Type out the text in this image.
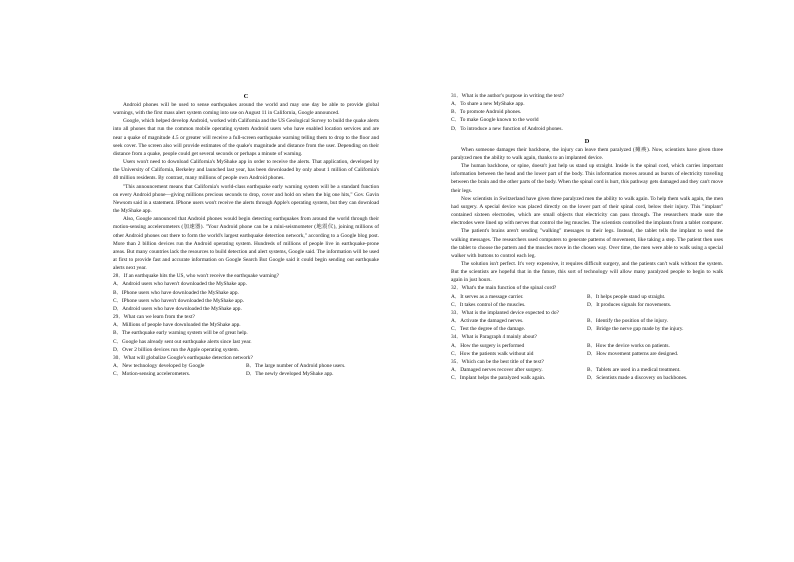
C
Android phones will be used to sense earthquakes around the world and may one day be able to provide global warnings, with the first mass alert system coming into use on August 11 in California, Google announced.
Google, which helped develop Android, worked with California and the US Geological Survey to build the quake alerts into all phones that run the common mobile operating system Android users who have enabled location services and are near a quake of magnitude 4.5 or greater will receive a full-screen earthquake warning telling them to drop to the floor and seek cover. The screen also will provide estimates of the quake's magnitude and distance from the user. Depending on their distance from a quake, people could get several seconds or perhaps a minute of warning.
Users won't need to download California's MyShake app in order to receive the alerts. That application, developed by the University of California, Berkeley and launched last year, has been downloaded by only about 1 million of California's 40 million residents. By contrast, many millions of people own Android phones.
"This announcement means that California's world-class earthquake early warning system will be a standard function on every Android phone—giving millions precious seconds to drop, cover and hold on when the big one hits," Gov. Gavin Newsom said in a statement. IPhone users won't receive the alerts through Apple's operating system, but they can download the MyShake app.
Also, Google announced that Android phones would begin detecting earthquakes from around the world through their motion-sensing accelerometers (加速器). "Your Android phone can be a mini-seismometer (地震仪), joining millions of other Android phones out there to form the world's largest earthquake detection network," according to a Google blog post. More than 2 billion devices run the Android operating system. Hundreds of millions of people live in earthquake-prone areas. But many countries lack the resources to build detection and alert systems, Google said. The information will be used at first to provide fast and accurate information on Google Search But Google said it could begin sending out earthquake alerts next year.
28．If an earthquake hits the US, who won't receive the earthquake warning?
A．Android users who haven't downloaded the MyShake app.
B．IPhone users who have downloaded the MyShake app.
C．IPhone users who haven't downloaded the MyShake app.
D．Android users who have downloaded the MyShake app.
29．What can we learn from the text?
A．Millions of people have downloaded the MyShake app.
B．The earthquake early warning system will be of great help.
C．Google has already sent out earthquake alerts since last year.
D．Over 2 billion devices run the Apple operating system.
30．What will globalize Google's earthquake detection network?
A．New technology developed by Google	B．The large number of Android phone users.
C．Motion-sensing accelerometers.	D．The newly developed MyShake app.
31．What is the author's purpose in writing the text?
A．To share a new MyShake app.
B．To promote Android phones.
C．To make Google known to the world
D．To introduce a new function of Android phones.
D
When someone damages their backbone, the injury can leave them paralyzed (瘫痪). Now, scientists have given three paralyzed men the ability to walk again, thanks to an implanted device.
The human backbone, or spine, doesn't just help us stand up straight. Inside is the spinal cord, which carries important information between the head and the lower part of the body. This information moves around as bursts of electricity traveling between the brain and the other parts of the body. When the spinal cord is hurt, this pathway gets damaged and they can't move their legs.
Now scientists in Switzerland have given three paralyzed men the ability to walk again. To help them walk again, the men had surgery. A special device was placed directly on the lower part of their spinal cord, below their injury. This "implant" contained sixteen electrodes, which are small objects that electricity can pass through. The researchers made sure the electrodes were lined up with nerves that control the leg muscles. The scientists controlled the implants from a tablet computer.
The patient's brains aren't sending "walking" messages to their legs. Instead, the tablet tells the implant to send the walking messages. The researchers used computers to generate patterns of movement, like taking a step. The patient then uses the tablet to choose the pattern and the muscles move in the chosen way. Over time, the men were able to walk using a special walker with buttons to control each leg.
The solution isn't perfect. It's very expensive, it requires difficult surgery, and the patients can't walk without the system. But the scientists are hopeful that in the future, this sort of technology will allow many paralyzed people to begin to walk again in just hours.
32．What's the main function of the spinal cord?
A．It serves as a message carrier.	B．It helps people stand up straight.
C．It takes control of the muscles.	D．It produces signals for movements.
33．What is the implanted device expected to do?
A．Activate the damaged nerves.	B．Identify the position of the injury.
C．Test the degree of the damage.	D．Bridge the nerve gap made by the injury.
34．What is Paragraph 4 mainly about?
A．How the surgery is performed	B．How the device works on patients.
C．How the patients walk without aid	D．How movement patterns are designed.
35．Which can be the best title of the text?
A．Damaged nerves recover after surgery.	B．Tablets are used in a medical treatment.
C．Implant helps the paralyzed walk again.	D．Scientists made a discovery on backbones.
